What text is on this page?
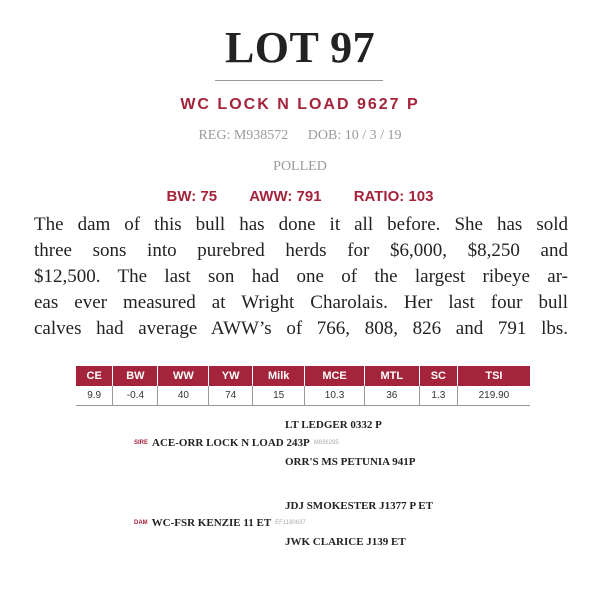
LOT 97
WC LOCK N LOAD 9627 P
REG: M938572 DOB: 10 / 3 / 19
POLLED
BW: 75 AWW: 791 RATIO: 103
The dam of this bull has done it all before. She has sold
three sons into purebred herds for $6,000, $8,250 and
$12,500. The last son had one of the largest ribeye ar-
eas ever measured at Wright Charolais. Her last four bull
calves had average AWW’s of 766, 808, 826 and 791 lbs.
CE	BW	WW	YW	Milk	MCE	MTL	SC	TSI
9.9	-0.4	40	74	15	10.3	36	1.3	219.90
LT LEDGER 0332 P
SIRE ACE-ORR LOCK N LOAD 243P M836295
ORR'S MS PETUNIA 941P
JDJ SMOKESTER J1377 P ET
DAM WC-FSR KENZIE 11 ET EF1180637
JWK CLARICE J139 ET
